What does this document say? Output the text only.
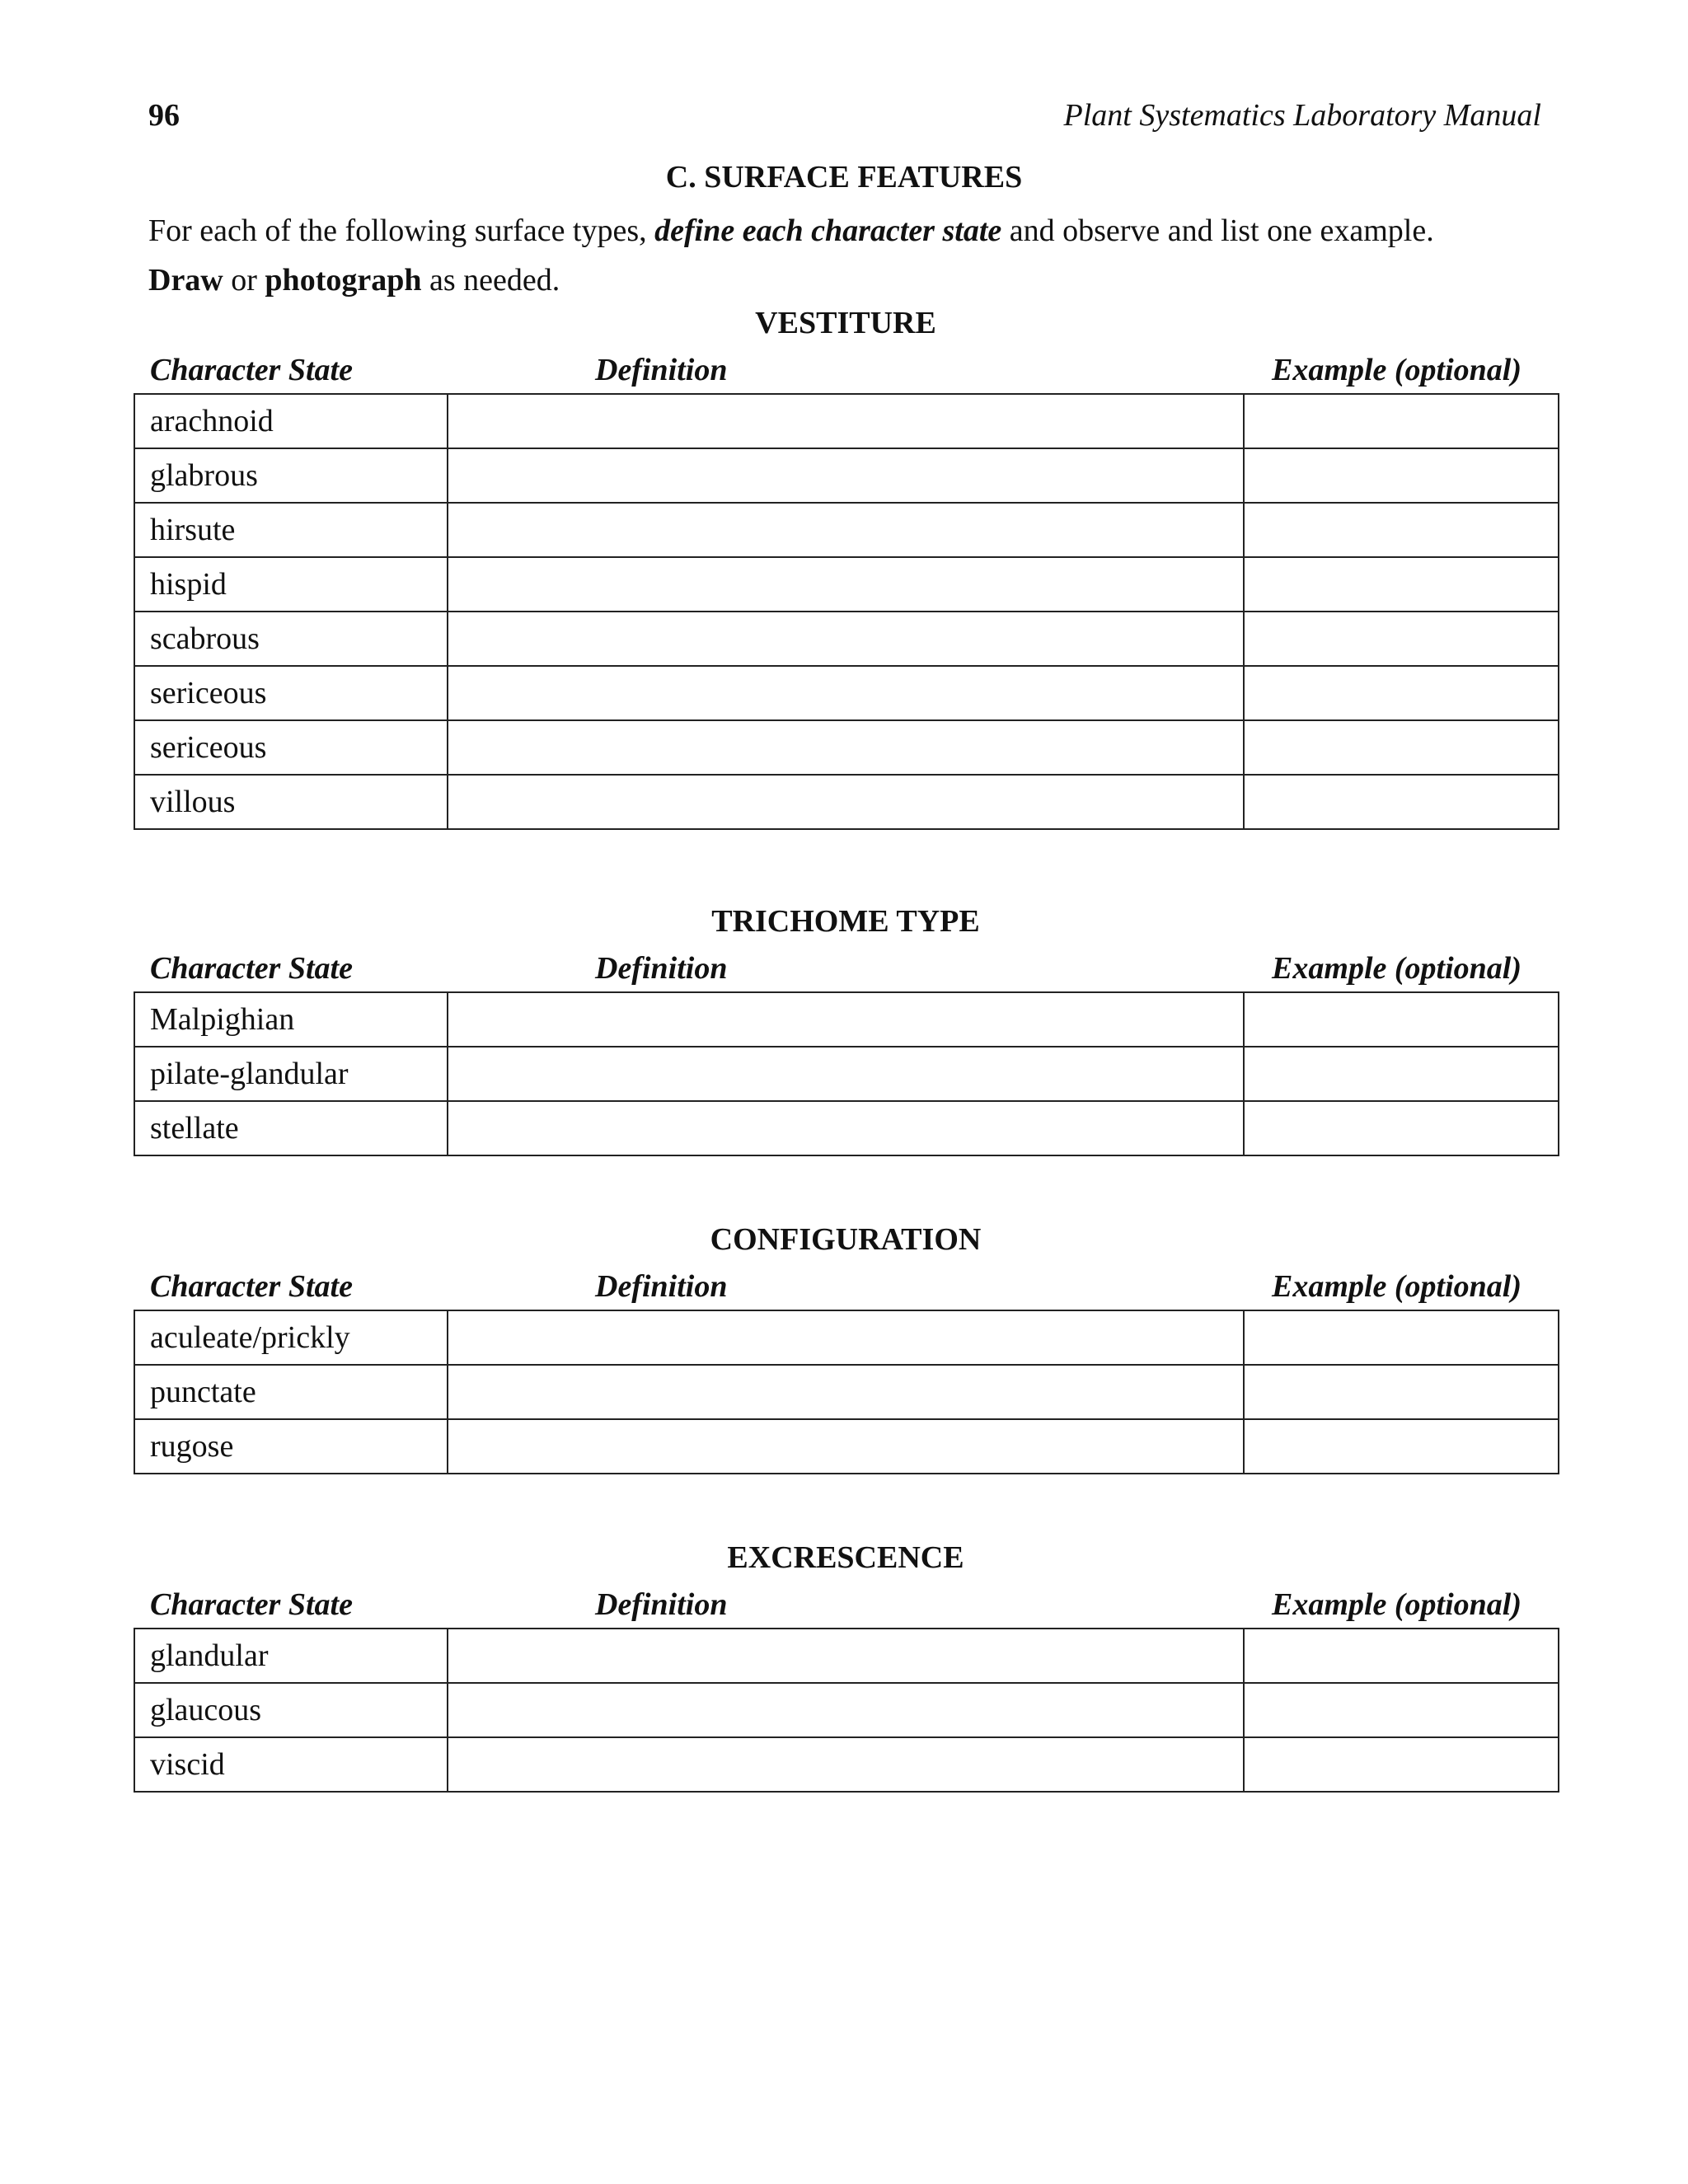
96	Plant Systematics Laboratory Manual
C. SURFACE FEATURES
For each of the following surface types, define each character state and observe and list one example.
Draw or photograph as needed.
VESTITURE
Character State	Definition	Example (optional)
arachnoid		
glabrous		
hirsute		
hispid		
scabrous		
sericeous		
sericeous		
villous		
TRICHOME TYPE
Character State	Definition	Example (optional)
Malpighian		
pilate-glandular		
stellate		
CONFIGURATION
Character State	Definition	Example (optional)
aculeate/prickly		
punctate		
rugose		
EXCRESCENCE
Character State	Definition	Example (optional)
glandular		
glaucous		
viscid		
